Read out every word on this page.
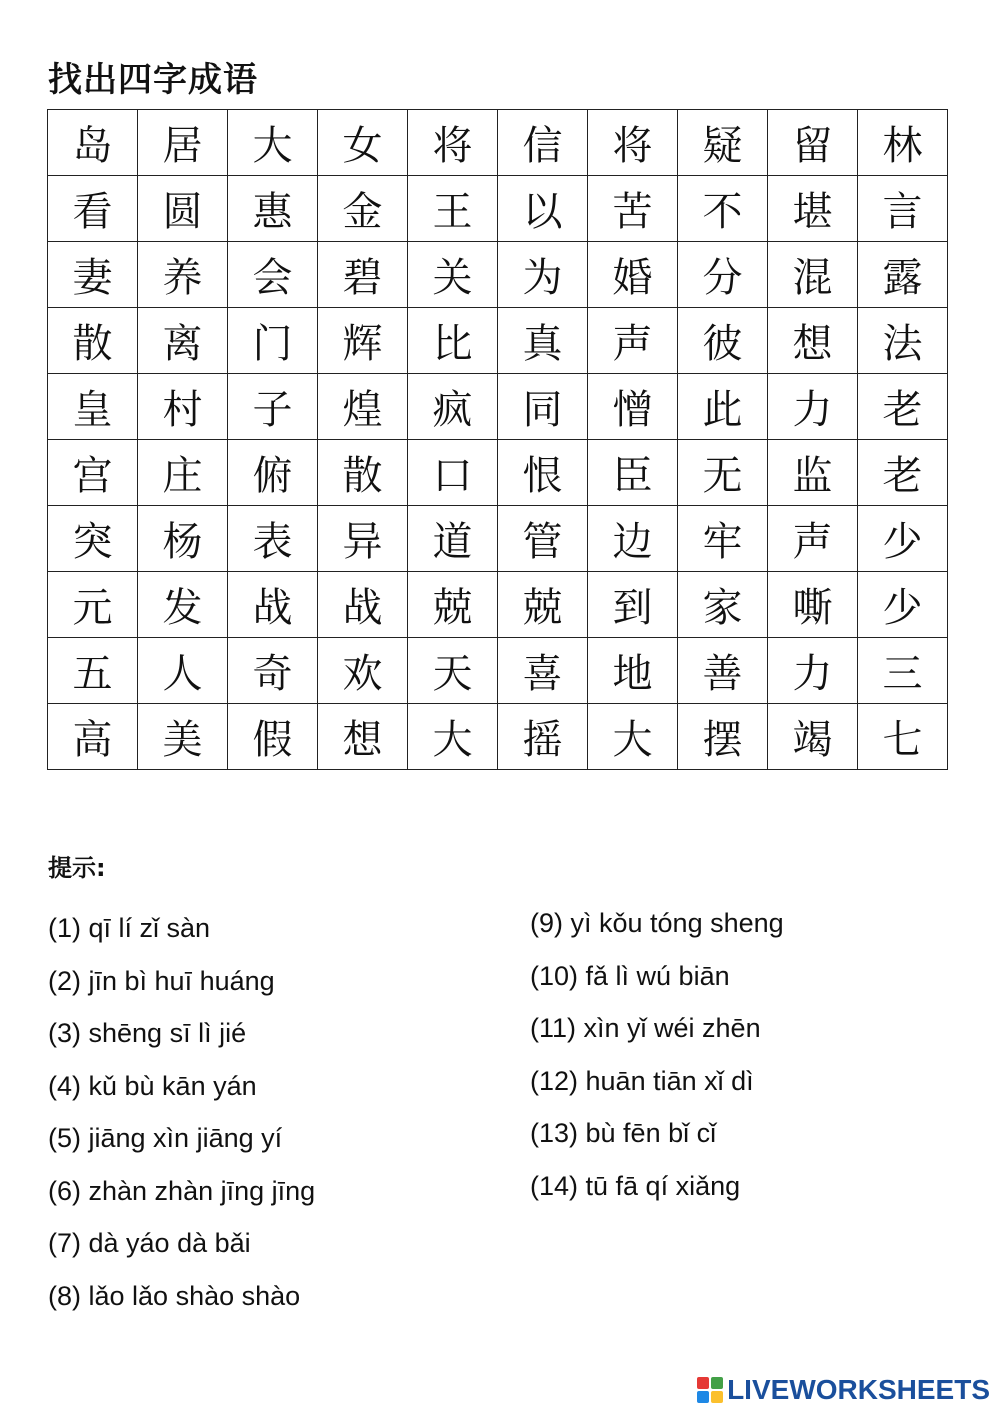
找出四字成语
岛	居	大	女	将	信	将	疑	留	林
看	圆	惠	金	王	以	苦	不	堪	言
妻	养	会	碧	关	为	婚	分	混	露
散	离	门	辉	比	真	声	彼	想	法
皇	村	子	煌	疯	同	憎	此	力	老
宫	庄	俯	散	口	恨	臣	无	监	老
突	杨	表	异	道	管	边	牢	声	少
元	发	战	战	兢	兢	到	家	嘶	少
五	人	奇	欢	天	喜	地	善	力	三
高	美	假	想	大	摇	大	摆	竭	七
提示:
(1) qī lí zǐ sàn
(2) jīn bì huī huáng
(3) shēng sī lì jié
(4) kǔ bù kān yán
(5) jiāng xìn jiāng yí
(6) zhàn zhàn jīng jīng
(7) dà yáo dà bǎi
(8) lǎo lǎo shào shào
(9) yì kǒu tóng sheng
(10) fǎ lì wú biān
(11) xìn yǐ wéi zhēn
(12) huān tiān xǐ dì
(13) bù fēn bǐ cǐ
(14) tū fā qí xiǎng
LIVEWORKSHEETS
